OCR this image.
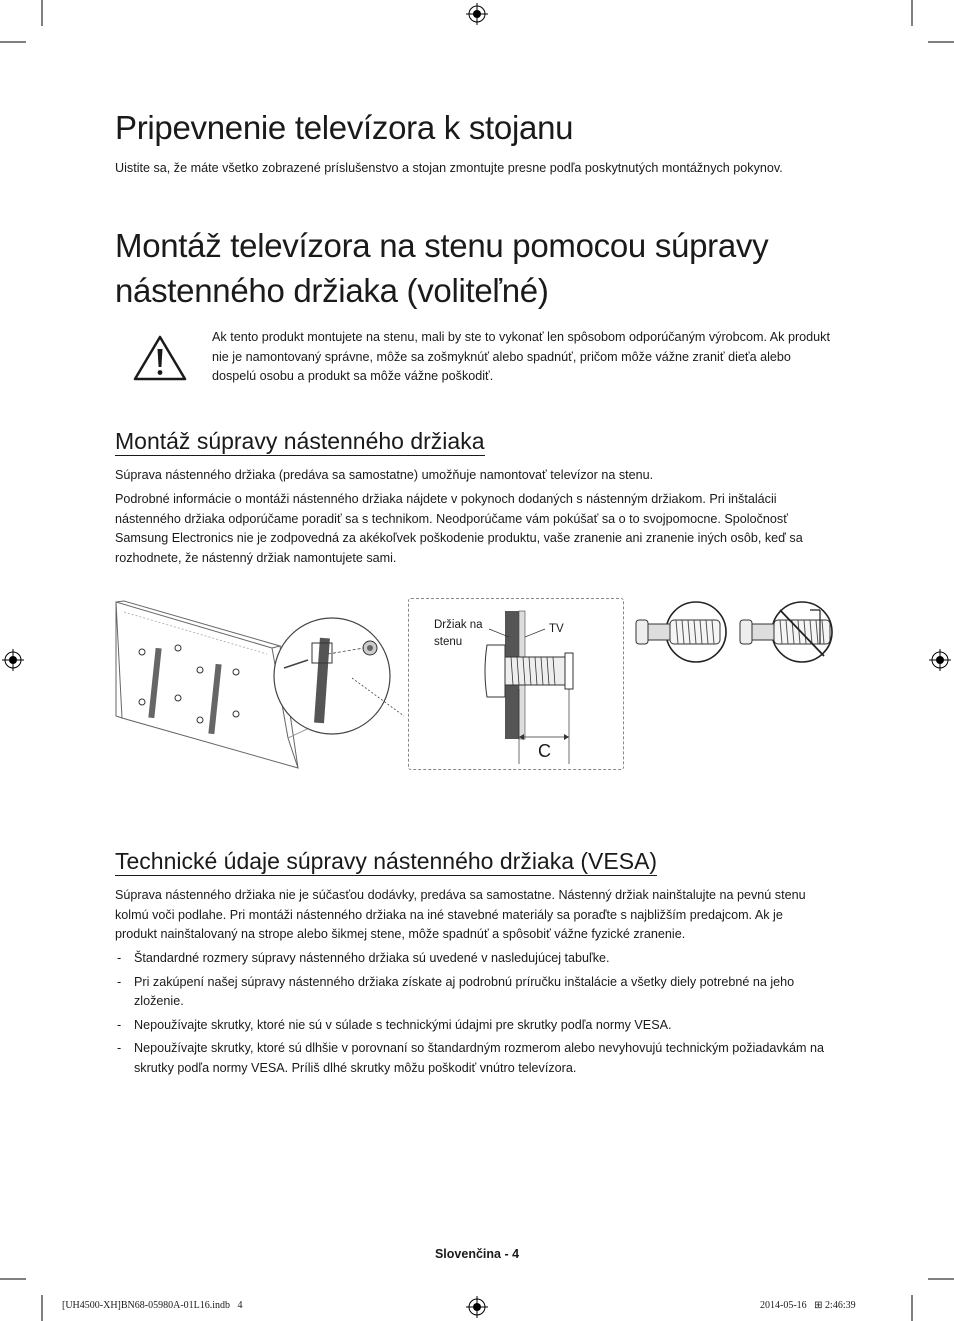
Pripevnenie televízora k stojanu

Uistite sa, že máte všetko zobrazené príslušenstvo a stojan zmontujte presne podľa poskytnutých montážnych pokynov.

Montáž televízora na stenu pomocou súpravy
nástenného držiaka (voliteľné)

Ak tento produkt montujete na stenu, mali by ste to vykonať len spôsobom odporúčaným výrobcom. Ak produkt nie je namontovaný správne, môže sa zošmyknúť alebo spadnúť, pričom môže vážne zraniť dieťa alebo dospelú osobu a produkt sa môže vážne poškodiť.

Montáž súpravy nástenného držiaka

Súprava nástenného držiaka (predáva sa samostatne) umožňuje namontovať televízor na stenu.

Podrobné informácie o montáži nástenného držiaka nájdete v pokynoch dodaných s nástenným držiakom. Pri inštalácii nástenného držiaka odporúčame poradiť sa s technikom. Neodporúčame vám pokúšať sa o to svojpomocne. Spoločnosť Samsung Electronics nie je zodpovedná za akékoľvek poškodenie produktu, vaše zranenie ani zranenie iných osôb, keď sa rozhodnete, že nástenný držiak namontujete sami.

Držiak na
stenu
TV
C
Technické údaje súpravy nástenného držiaka (VESA)

Súprava nástenného držiaka nie je súčasťou dodávky, predáva sa samostatne. Nástenný držiak nainštalujte na pevnú stenu kolmú voči podlahe. Pri montáži nástenného držiaka na iné stavebné materiály sa poraďte s najbližším predajcom. Ak je produkt nainštalovaný na strope alebo šikmej stene, môže spadnúť a spôsobiť vážne fyzické zranenie.

- Štandardné rozmery súpravy nástenného držiaka sú uvedené v nasledujúcej tabuľke.
- Pri zakúpení našej súpravy nástenného držiaka získate aj podrobnú príručku inštalácie a všetky diely potrebné na jeho zloženie.
- Nepoužívajte skrutky, ktoré nie sú v súlade s technickými údajmi pre skrutky podľa normy VESA.
- Nepoužívajte skrutky, ktoré sú dlhšie v porovnaní so štandardným rozmerom alebo nevyhovujú technickým požiadavkám na skrutky podľa normy VESA. Príliš dlhé skrutky môžu poškodiť vnútro televízora.
Slovenčina - 4
[UH4500-XH]BN68-05980A-01L16.indb   4	2014-05-16   ⊞ 2:46:39
